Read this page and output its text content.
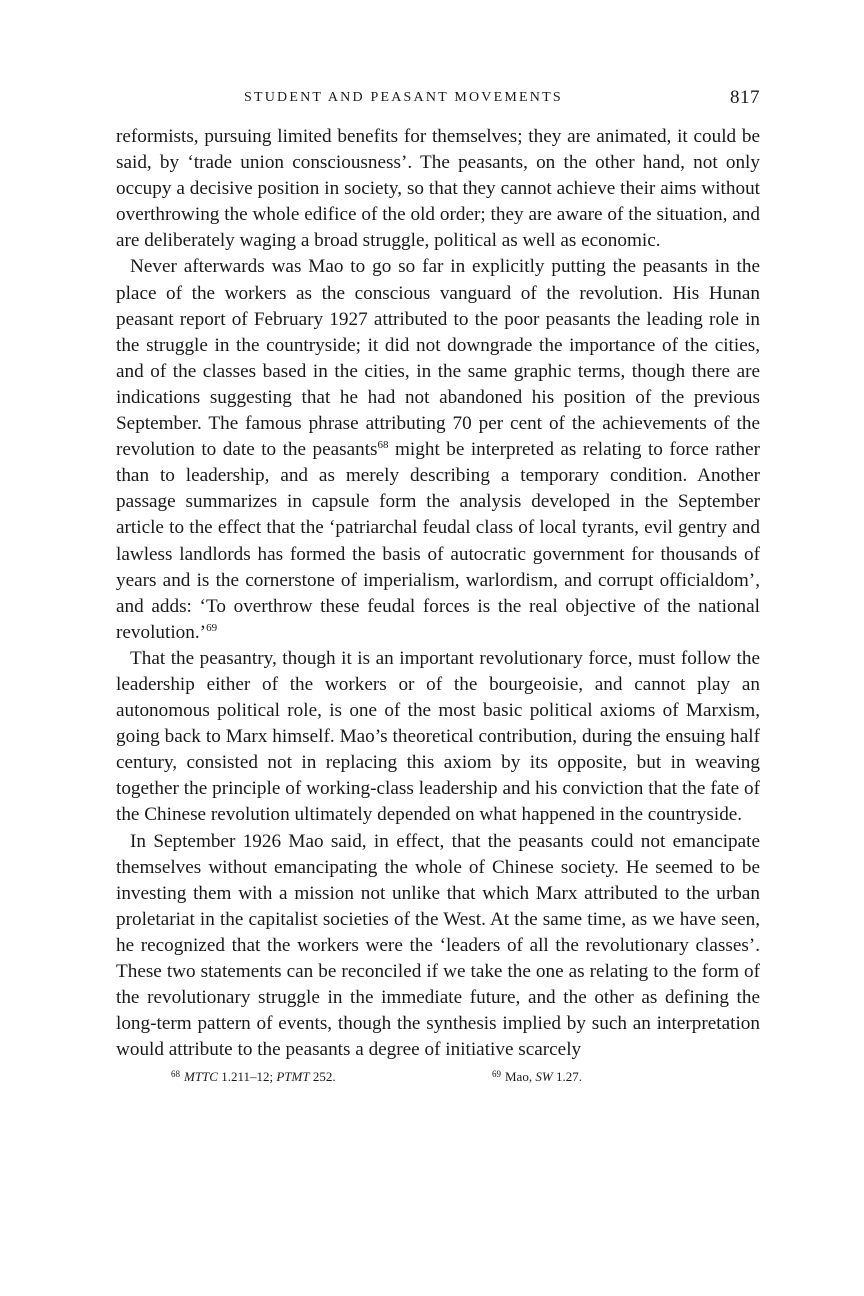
STUDENT AND PEASANT MOVEMENTS	817

reformists, pursuing limited benefits for themselves; they are animated, it could be said, by ‘trade union consciousness’. The peasants, on the other hand, not only occupy a decisive position in society, so that they cannot achieve their aims without overthrowing the whole edifice of the old order; they are aware of the situation, and are deliberately waging a broad struggle, political as well as economic.

Never afterwards was Mao to go so far in explicitly putting the peasants in the place of the workers as the conscious vanguard of the revolution. His Hunan peasant report of February 1927 attributed to the poor peasants the leading role in the struggle in the countryside; it did not downgrade the importance of the cities, and of the classes based in the cities, in the same graphic terms, though there are indications suggesting that he had not abandoned his position of the previous September. The famous phrase attributing 70 per cent of the achievements of the revolution to date to the peasants$^{68}$ might be interpreted as relating to force rather than to leadership, and as merely describing a temporary condition. Another passage summarizes in capsule form the analysis developed in the September article to the effect that the ‘patriarchal feudal class of local tyrants, evil gentry and lawless landlords has formed the basis of autocratic government for thousands of years and is the cornerstone of imperialism, warlordism, and corrupt officialdom’, and adds: ‘To overthrow these feudal forces is the real objective of the national revolution.’$^{69}$

That the peasantry, though it is an important revolutionary force, must follow the leadership either of the workers or of the bourgeoisie, and cannot play an autonomous political role, is one of the most basic political axioms of Marxism, going back to Marx himself. Mao’s theoretical contribution, during the ensuing half century, consisted not in replacing this axiom by its opposite, but in weaving together the principle of working-class leadership and his conviction that the fate of the Chinese revolution ultimately depended on what happened in the countryside.

In September 1926 Mao said, in effect, that the peasants could not emancipate themselves without emancipating the whole of Chinese society. He seemed to be investing them with a mission not unlike that which Marx attributed to the urban proletariat in the capitalist societies of the West. At the same time, as we have seen, he recognized that the workers were the ‘leaders of all the revolutionary classes’. These two statements can be reconciled if we take the one as relating to the form of the revolutionary struggle in the immediate future, and the other as defining the long-term pattern of events, though the synthesis implied by such an interpretation would attribute to the peasants a degree of initiative scarcely

$^{68}$ MTTC 1.211–12; PTMT 252.	$^{69}$ Mao, SW 1.27.
